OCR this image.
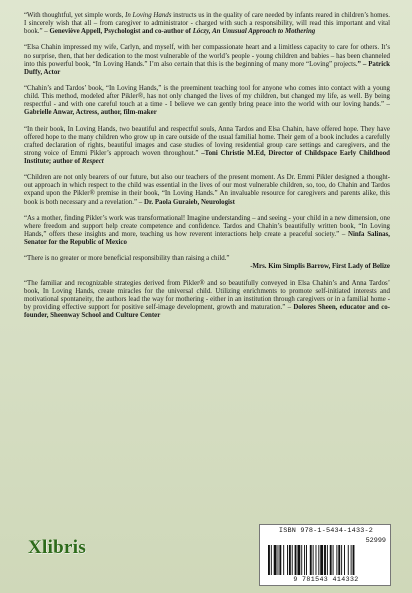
“With thoughtful, yet simple words, In Loving Hands instructs us in the quality of care needed by infants reared in children’s homes. I sincerely wish that all – from caregiver to administrator - charged with such a responsibility, will read this important and vital book.” – Geneviève Appell, Psychologist and co-author of Lóczy, An Unusual Approach to Mothering

“Elsa Chahin impressed my wife, Carlyn, and myself, with her compassionate heart and a limitless capacity to care for others. It’s no surprise, then, that her dedication to the most vulnerable of the world’s people - young children and babies – has been channeled into this powerful book, “In Loving Hands.” I’m also certain that this is the beginning of many more “Loving” projects.” – Patrick Duffy, Actor

“Chahin’s and Tardos’ book, “In Loving Hands,” is the preeminent teaching tool for anyone who comes into contact with a young child. This method, modeled after Pikler®, has not only changed the lives of my children, but changed my life, as well. By being respectful - and with one careful touch at a time - I believe we can gently bring peace into the world with our loving hands.” – Gabrielle Anwar, Actress, author, film-maker

“In their book, In Loving Hands, two beautiful and respectful souls, Anna Tardos and Elsa Chahin, have offered hope. They have offered hope to the many children who grow up in care outside of the usual familial home. Their gem of a book includes a carefully crafted declaration of rights, beautiful images and case studies of loving residential group care settings and caregivers, and the strong voice of Emmi Pikler’s approach woven throughout.” –Toni Christie M.Ed, Director of Childspace Early Childhood Institute; author of Respect

“Children are not only bearers of our future, but also our teachers of the present moment. As Dr. Emmi Pikler designed a thought-out approach in which respect to the child was essential in the lives of our most vulnerable children, so, too, do Chahin and Tardos expand upon the Pikler® premise in their book, “In Loving Hands.” An invaluable resource for caregivers and parents alike, this book is both necessary and a revelation.” – Dr. Paola Guraieb, Neurologist

“As a mother, finding Pikler’s work was transformational! Imagine understanding – and seeing - your child in a new dimension, one where freedom and support help create competence and confidence. Tardos and Chahin’s beautifully written book, “In Loving Hands,” offers these insights and more, teaching us how reverent interactions help create a peaceful society.” – Ninfa Salinas, Senator for the Republic of Mexico

“There is no greater or more beneficial responsibility than raising a child.”

-Mrs. Kim Simplis Barrow, First Lady of Belize

“The familiar and recognizable strategies derived from Pikler® and so beautifully conveyed in Elsa Chahin’s and Anna Tardos’ book, In Loving Hands, create miracles for the universal child. Utilizing enrichments to promote self-initiated interests and motivational spontaneity, the authors lead the way for mothering - either in an institution through caregivers or in a familial home - by providing effective support for positive self-image development, growth and maturation.” – Dolores Sheen, educator and co-founder, Sheenway School and Culture Center

Xlibris
ISBN 978-1-5434-1433-2
52999
9 781543 414332
